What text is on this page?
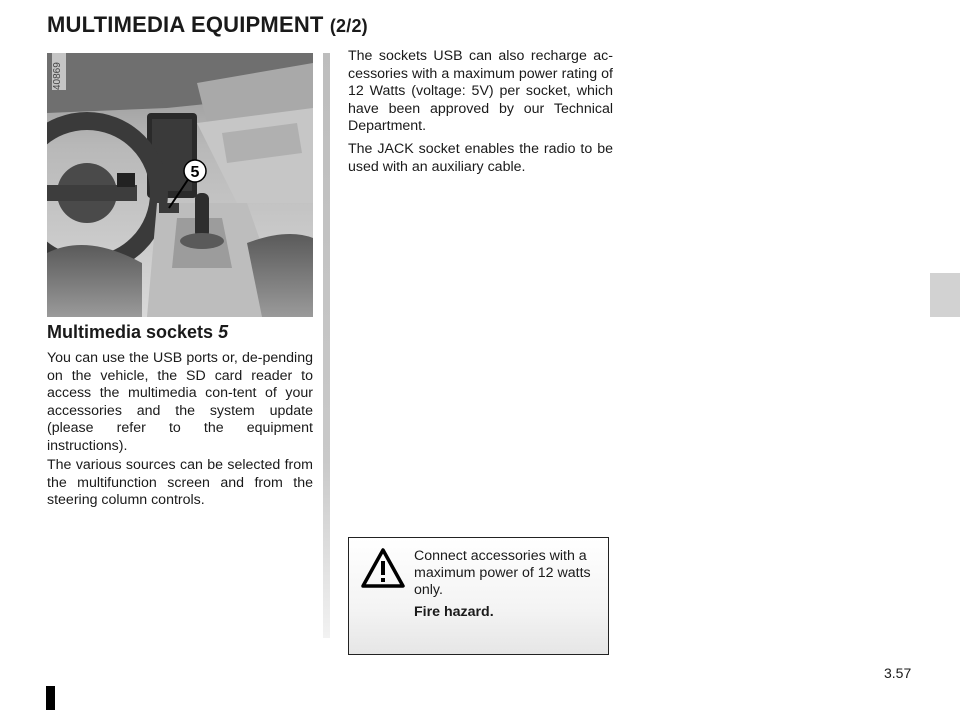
MULTIMEDIA EQUIPMENT (2/2)
5
40869
Multimedia sockets 5

You can use the USB ports or, de-pending on the vehicle, the SD card reader to access the multimedia con-tent of your accessories and the system update (please refer to the equipment instructions).

The various sources can be selected from the multifunction screen and from the steering column controls.

The sockets USB can also recharge ac-cessories with a maximum power rating of 12 Watts (voltage: 5V) per socket, which have been approved by our Technical Department.

The JACK socket enables the radio to be used with an auxiliary cable.

Connect accessories with a maximum power of 12 watts only.

Fire hazard.

3.57
